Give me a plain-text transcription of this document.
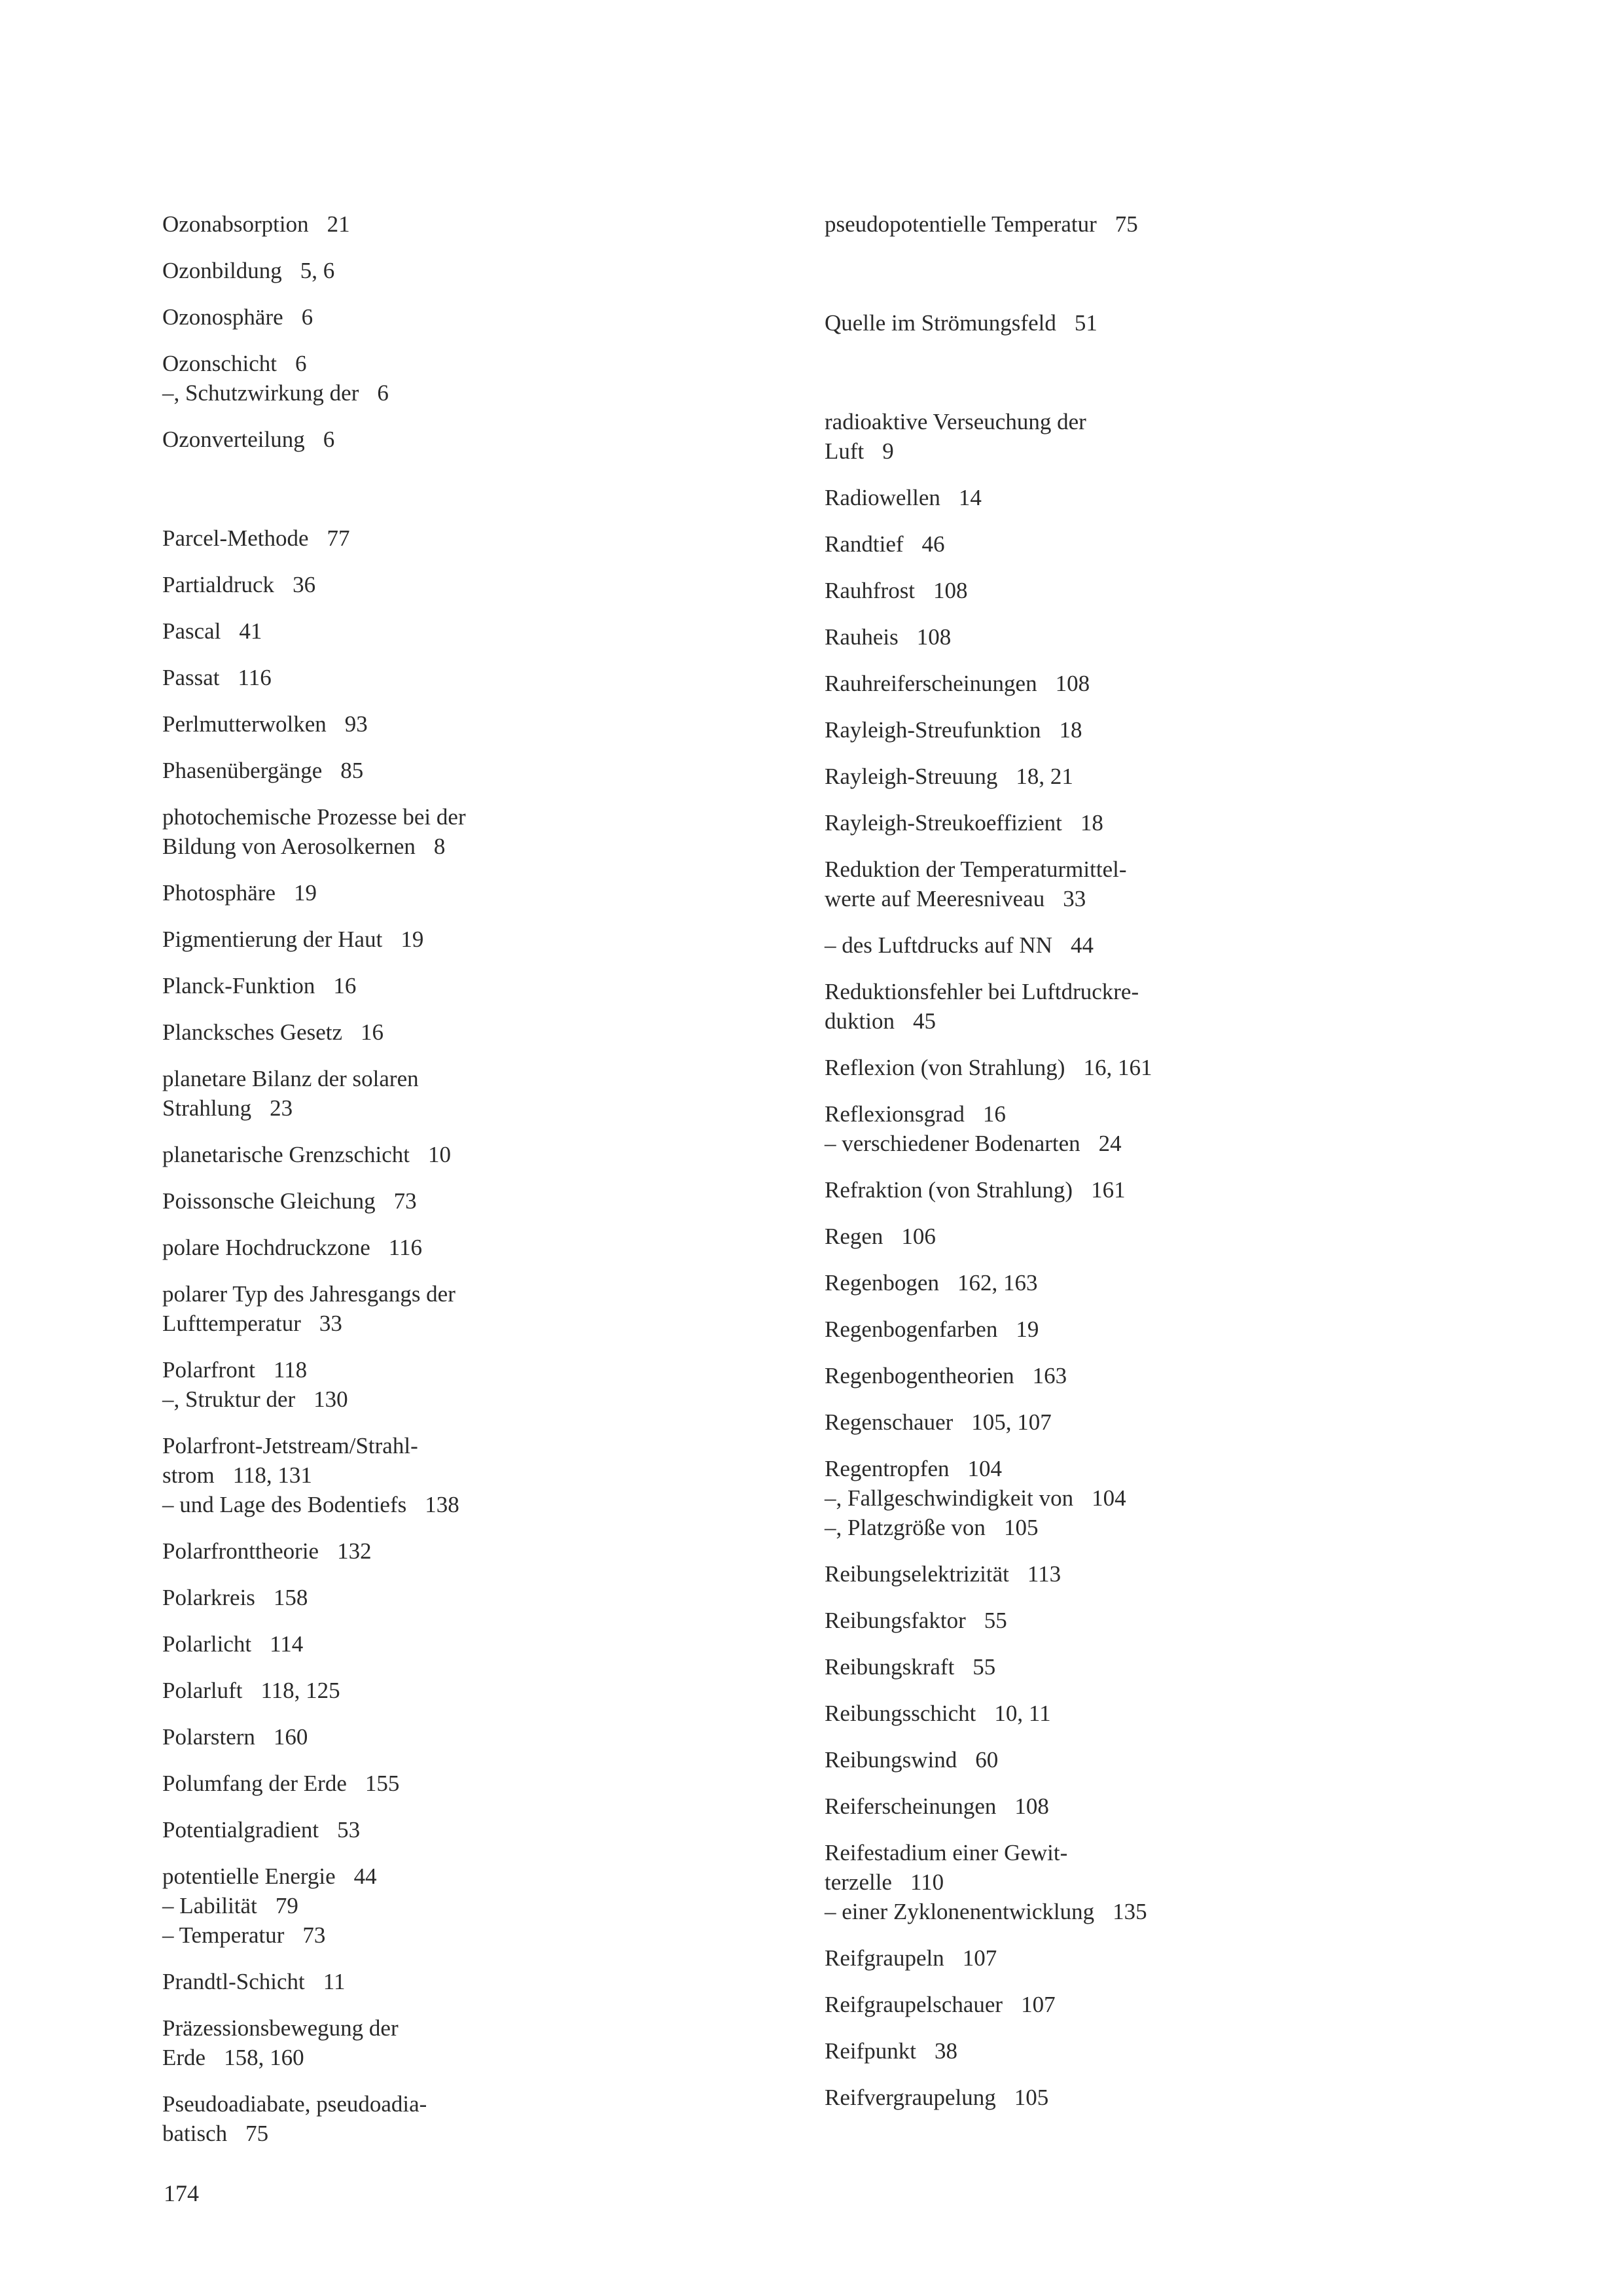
Ozonabsorption 21
Ozonbildung 5, 6
Ozonosphäre 6
Ozonschicht 6
–, Schutzwirkung der 6
Ozonverteilung 6
Parcel-Methode 77
Partialdruck 36
Pascal 41
Passat 116
Perlmutterwolken 93
Phasenübergänge 85
photochemische Prozesse bei der
Bildung von Aerosolkernen 8
Photosphäre 19
Pigmentierung der Haut 19
Planck-Funktion 16
Plancksches Gesetz 16
planetare Bilanz der solaren
Strahlung 23
planetarische Grenzschicht 10
Poissonsche Gleichung 73
polare Hochdruckzone 116
polarer Typ des Jahresgangs der
Lufttemperatur 33
Polarfront 118
–, Struktur der 130
Polarfront-Jetstream/Strahl-
strom 118, 131
– und Lage des Bodentiefs 138
Polarfronttheorie 132
Polarkreis 158
Polarlicht 114
Polarluft 118, 125
Polarstern 160
Polumfang der Erde 155
Potentialgradient 53
potentielle Energie 44
– Labilität 79
– Temperatur 73
Prandtl-Schicht 11
Präzessionsbewegung der
Erde 158, 160
Pseudoadiabate, pseudoadia-
batisch 75
pseudopotentielle Temperatur 75
Quelle im Strömungsfeld 51
radioaktive Verseuchung der
Luft 9
Radiowellen 14
Randtief 46
Rauhfrost 108
Rauheis 108
Rauhreiferscheinungen 108
Rayleigh-Streufunktion 18
Rayleigh-Streuung 18, 21
Rayleigh-Streukoeffizient 18
Reduktion der Temperaturmittel-
werte auf Meeresniveau 33
– des Luftdrucks auf NN 44
Reduktionsfehler bei Luftdruckre-
duktion 45
Reflexion (von Strahlung) 16, 161
Reflexionsgrad 16
– verschiedener Bodenarten 24
Refraktion (von Strahlung) 161
Regen 106
Regenbogen 162, 163
Regenbogenfarben 19
Regenbogentheorien 163
Regenschauer 105, 107
Regentropfen 104
–, Fallgeschwindigkeit von 104
–, Platzgröße von 105
Reibungselektrizität 113
Reibungsfaktor 55
Reibungskraft 55
Reibungsschicht 10, 11
Reibungswind 60
Reiferscheinungen 108
Reifestadium einer Gewit-
terzelle 110
– einer Zyklonenentwicklung 135
Reifgraupeln 107
Reifgraupelschauer 107
Reifpunkt 38
Reifvergraupelung 105
174
